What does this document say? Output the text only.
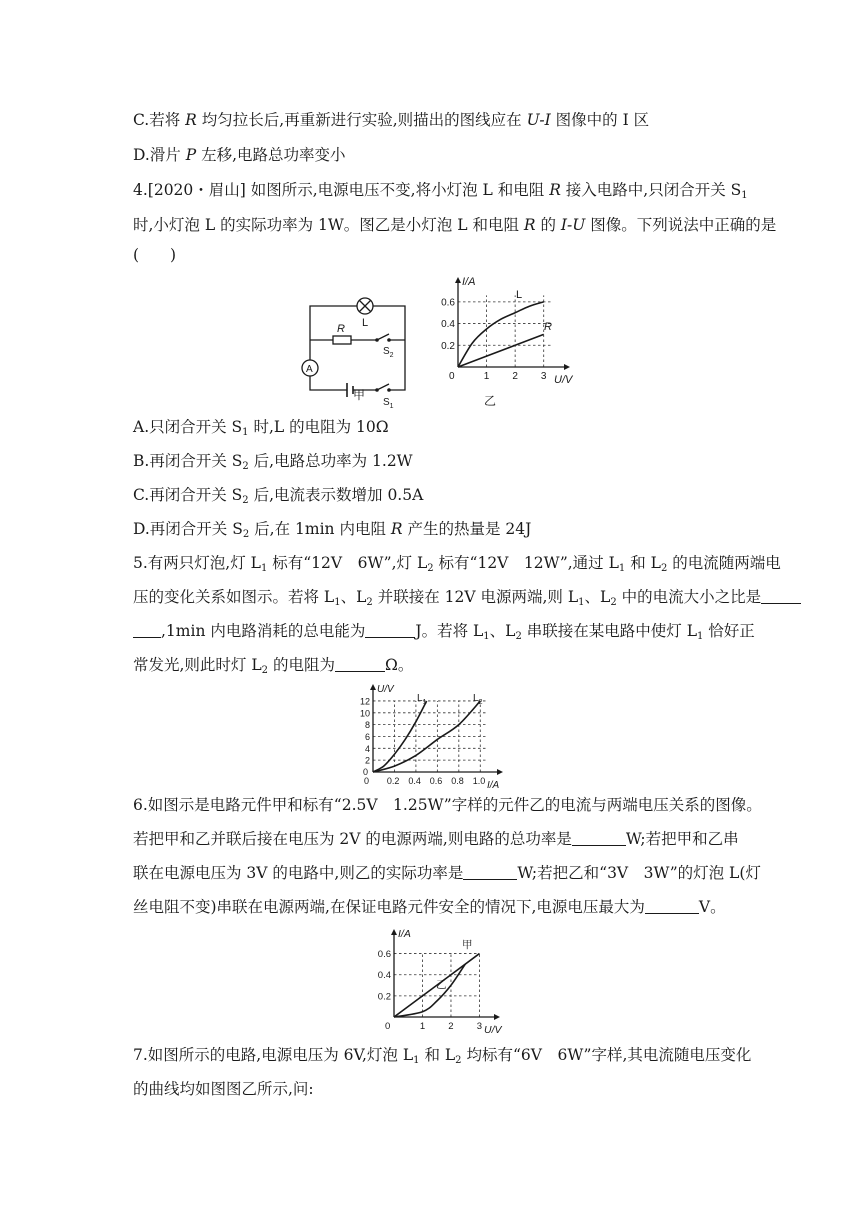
C.若将 R 均匀拉长后,再重新进行实验,则描出的图线应在 U-I 图像中的 Ⅰ 区
D.滑片 P 左移,电路总功率变小
4.[2020・眉山] 如图所示,电源电压不变,将小灯泡 L 和电阻 R 接入电路中,只闭合开关 $S_1$
时,小灯泡 L 的实际功率为 1W。图乙是小灯泡 L 和电阻 R 的 I-U 图像。下列说法中正确的是
(　　)
L
R
$S_2$
A
$S_1$
甲
I/A
U/V
0	1 2 3
0.2
0.4
0.6
L
R
乙
A.只闭合开关 $S_1$ 时,L 的电阻为 10Ω
B.再闭合开关 $S_2$ 后,电路总功率为 1.2W
C.再闭合开关 $S_2$ 后,电流表示数增加 0.5A
D.再闭合开关 $S_2$ 后,在 1min 内电阻 R 产生的热量是 24J
5.有两只灯泡,灯 $L_1$ 标有“12V　6W”,灯 $L_2$ 标有“12V　12W”,通过 $L_1$ 和 $L_2$ 的电流随两端电
压的变化关系如图示。若将 $L_1$、$L_2$ 并联接在 12V 电源两端,则 $L_1$、$L_2$ 中的电流大小之比是
,1min 内电路消耗的总电能为	J。若将 $L_1$、$L_2$ 串联接在某电路中使灯 $L_1$ 恰好正
常发光,则此时灯 $L_2$ 的电阻为	Ω。
U/V
I/A
0 0.2 0.4 0.6 0.8 1.0
0
2
4
6
8
10
12	$L_1$	$L_2$
6.如图示是电路元件甲和标有“2.5V　1.25W”字样的元件乙的电流与两端电压关系的图像。
若把甲和乙并联后接在电压为 2V 的电源两端,则电路的总功率是	W;若把甲和乙串
联在电源电压为 3V 的电路中,则乙的实际功率是	W;若把乙和“3V　3W”的灯泡 L(灯
丝电阻不变)串联在电源两端,在保证电路元件安全的情况下,电源电压最大为	V。
I/A
U/V
0	1 2 3
0.2
0.4
0.6
甲
乙
7.如图所示的电路,电源电压为 6V,灯泡 $L_1$ 和 $L_2$ 均标有“6V　6W”字样,其电流随电压变化
的曲线均如图图乙所示,问:
